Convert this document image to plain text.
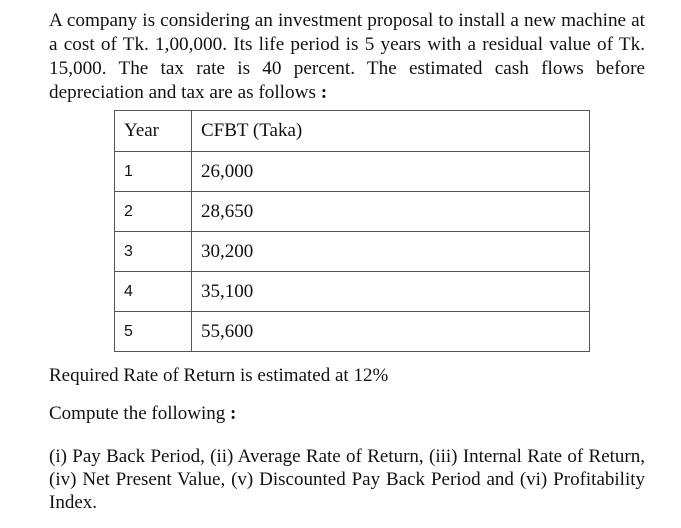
A company is considering an investment proposal to install a new machine at a cost of Tk. 1,00,000. Its life period is 5 years with a residual value of Tk. 15,000. The tax rate is 40 percent. The estimated cash flows before depreciation and tax are as follows :

Year	CFBT (Taka)
1	26,000
2	28,650
3	30,200
4	35,100
5	55,600

Required Rate of Return is estimated at 12%

Compute the following :

(i) Pay Back Period, (ii) Average Rate of Return, (iii) Internal Rate of Return, (iv) Net Present Value, (v) Discounted Pay Back Period and (vi) Profitability Index.
